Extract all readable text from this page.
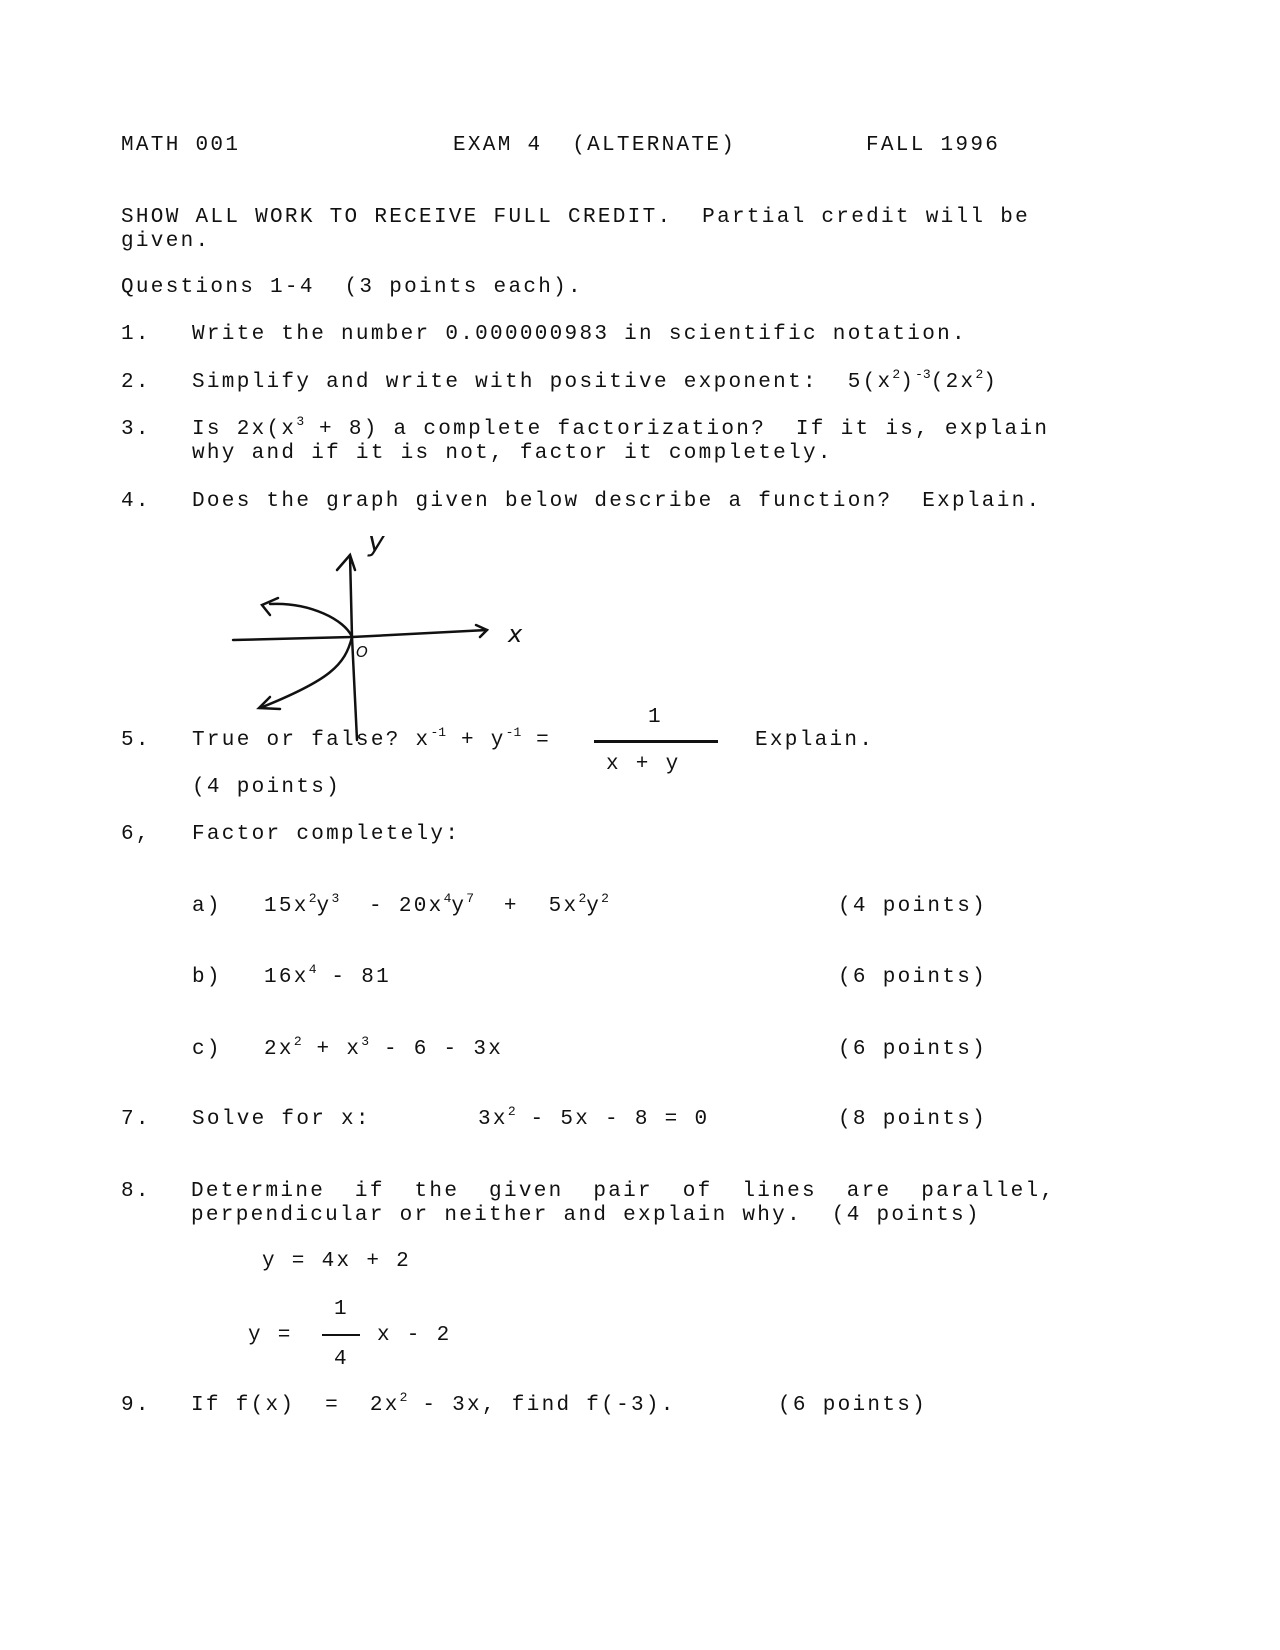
MATH 001	EXAM 4  (ALTERNATE)	FALL 1996
SHOW ALL WORK TO RECEIVE FULL CREDIT.  Partial credit will be
given.
Questions 1-4  (3 points each).
1. Write the number 0.000000983 in scientific notation.
2. Simplify and write with positive exponent:  $5(x^2)^{-3}(2x^2)$
3. Is $2x(x^3 + 8)$ a complete factorization?  If it is, explain
why and if it is not, factor it completely.
4. Does the graph given below describe a function?  Explain.
y
x
O
5. True or false? $x^{-1} + y^{-1}$ =
1
x + y
Explain.
(4 points)
6, Factor completely:
a) $15x^2y^3 - 20x^4y^7 + 5x^2y^2$	(4 points)
b) $16x^4 - 81$	(6 points)
c) $2x^2 + x^3 - 6 - 3x$	(6 points)
7. Solve for x:	$3x^2 - 5x - 8 = 0$	(8 points)
8. Determine  if  the  given  pair  of  lines  are  parallel,
perpendicular or neither and explain why.  (4 points)
y = 4x + 2
y =
1
4
x - 2
9. If $f(x) = 2x^2 - 3x$, find f(-3).	(6 points)
